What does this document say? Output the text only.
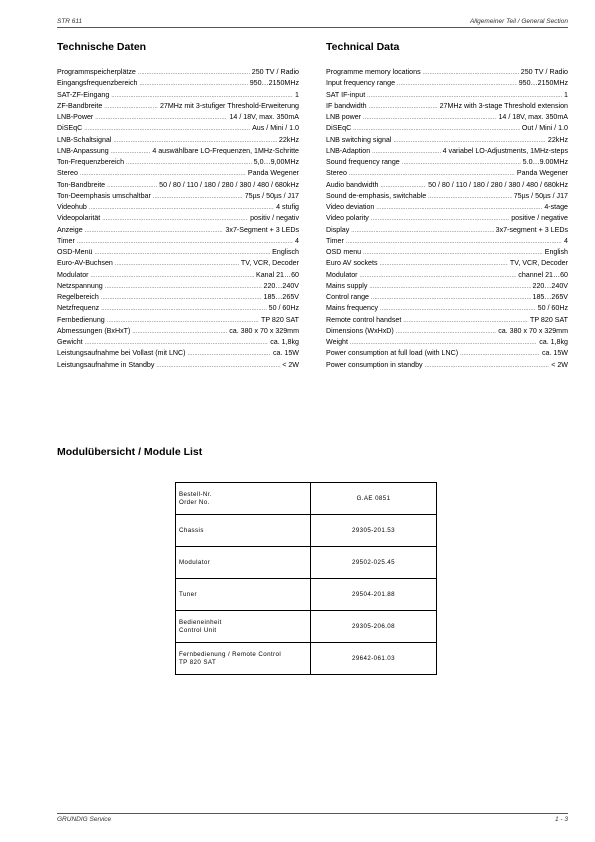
STR 611	Allgemeiner Teil / General Section
Technische Daten	Technical Data
Programmspeicherplätze .....	250 TV / Radio
Eingangsfrequenzbereich .....	950…2150MHz
SAT-ZF-Eingang .....	1
ZF-Bandbreite .....	27MHz mit 3-stufiger Threshold-Erweiterung
LNB-Power .....	14 / 18V, max. 350mA
DiSEqC .....	Aus / Mini / 1.0
LNB-Schaltsignal .....	22kHz
LNB-Anpassung .....	4 auswählbare LO-Frequenzen, 1MHz-Schritte
Ton-Frequenzbereich .....	5,0…9,00MHz
Stereo .....	Panda Wegener
Ton-Bandbreite .....	50 / 80 / 110 / 180 / 280 / 380 / 480 / 680kHz
Ton-Deemphasis umschaltbar .....	75µs / 50µs / J17
Videohub .....	4 stufig
Videopolarität .....	positiv / negativ
Anzeige .....	3x7-Segment + 3 LEDs
Timer .....	4
OSD-Menü .....	Englisch
Euro-AV-Buchsen .....	TV, VCR, Decoder
Modulator .....	Kanal 21…60
Netzspannung .....	220…240V
Regelbereich .....	185…265V
Netzfrequenz .....	50 / 60Hz
Fernbedienung .....	TP 820 SAT
Abmessungen (BxHxT) .....	ca. 380 x 70 x 329mm
Gewicht .....	ca. 1,8kg
Leistungsaufnahme bei Vollast (mit LNC) .....	ca. 15W
Leistungsaufnahme in Standby .....	< 2W
Programme memory locations .....	250 TV / Radio
Input frequency range .....	950…2150MHz
SAT IF-input .....	1
IF bandwidth .....	27MHz with 3-stage Threshold extension
LNB power .....	14 / 18V, max. 350mA
DiSEqC .....	Out / Mini / 1.0
LNB switching signal .....	22kHz
LNB-Adaption .....	4 variabel LO-Adjustments, 1MHz-steps
Sound frequency range .....	5.0…9.00MHz
Stereo .....	Panda Wegener
Audio bandwidth .....	50 / 80 / 110 / 180 / 280 / 380 / 480 / 680kHz
Sound de-emphasis, switchable .....	75µs / 50µs / J17
Video deviation .....	4-stage
Video polarity .....	positive / negative
Display .....	3x7-segment + 3 LEDs
Timer .....	4
OSD menu .....	English
Euro AV sockets .....	TV, VCR, Decoder
Modulator .....	channel 21…60
Mains supply .....	220…240V
Control range .....	185…265V
Mains frequency .....	50 / 60Hz
Remote control handset .....	TP 820 SAT
Dimensions (WxHxD) .....	ca. 380 x 70 x 329mm
Weight .....	ca. 1,8kg
Power consumption at full load (with LNC) .....	ca. 15W
Power consumption in standby .....	< 2W
Modulübersicht / Module List
Bestell-Nr.
Order No.	G.AE 0851

Chassis	29305-201.53

Modulator	29502-025.45

Tuner	29504-201.88

Bedieneinheit
Control Unit	29305-206.08

Fernbedienung / Remote Control
TP 820 SAT	29642-061.03
GRUNDIG Service	1 - 3
